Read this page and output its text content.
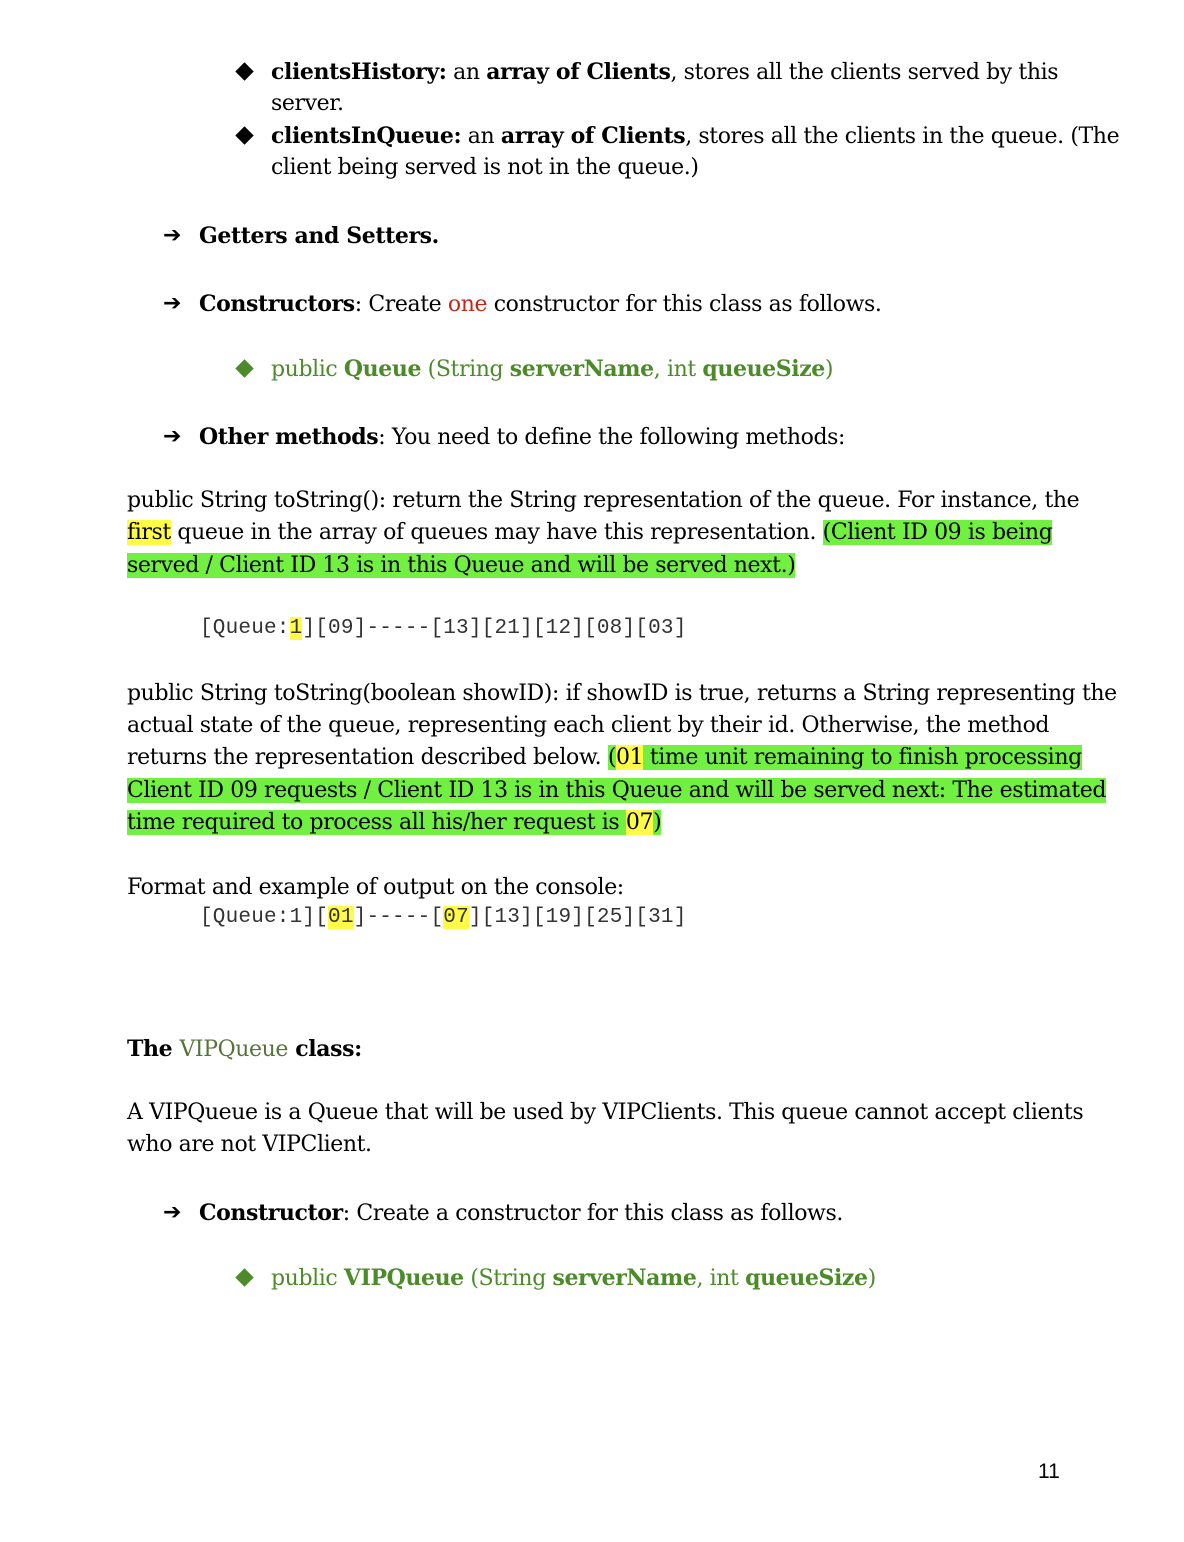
clientsHistory: an array of Clients, stores all the clients served by this
server.
clientsInQueue: an array of Clients, stores all the clients in the queue. (The
client being served is not in the queue.)
➔ Getters and Setters.
➔ Constructors: Create one constructor for this class as follows.
public Queue (String serverName, int queueSize)
➔ Other methods: You need to define the following methods:
public String toString(): return the String representation of the queue. For instance, the
first queue in the array of queues may have this representation. (Client ID 09 is being
served / Client ID 13 is in this Queue and will be served next.)
[Queue:1][09]-----[13][21][12][08][03]
public String toString(boolean showID): if showID is true, returns a String representing the
actual state of the queue, representing each client by their id. Otherwise, the method
returns the representation described below. (01 time unit remaining to finish processing
Client ID 09 requests / Client ID 13 is in this Queue and will be served next: The estimated
time required to process all his/her request is 07)
Format and example of output on the console:
[Queue:1][01]-----[07][13][19][25][31]
The VIPQueue class:
A VIPQueue is a Queue that will be used by VIPClients. This queue cannot accept clients
who are not VIPClient.
➔ Constructor: Create a constructor for this class as follows.
public VIPQueue (String serverName, int queueSize)
11
